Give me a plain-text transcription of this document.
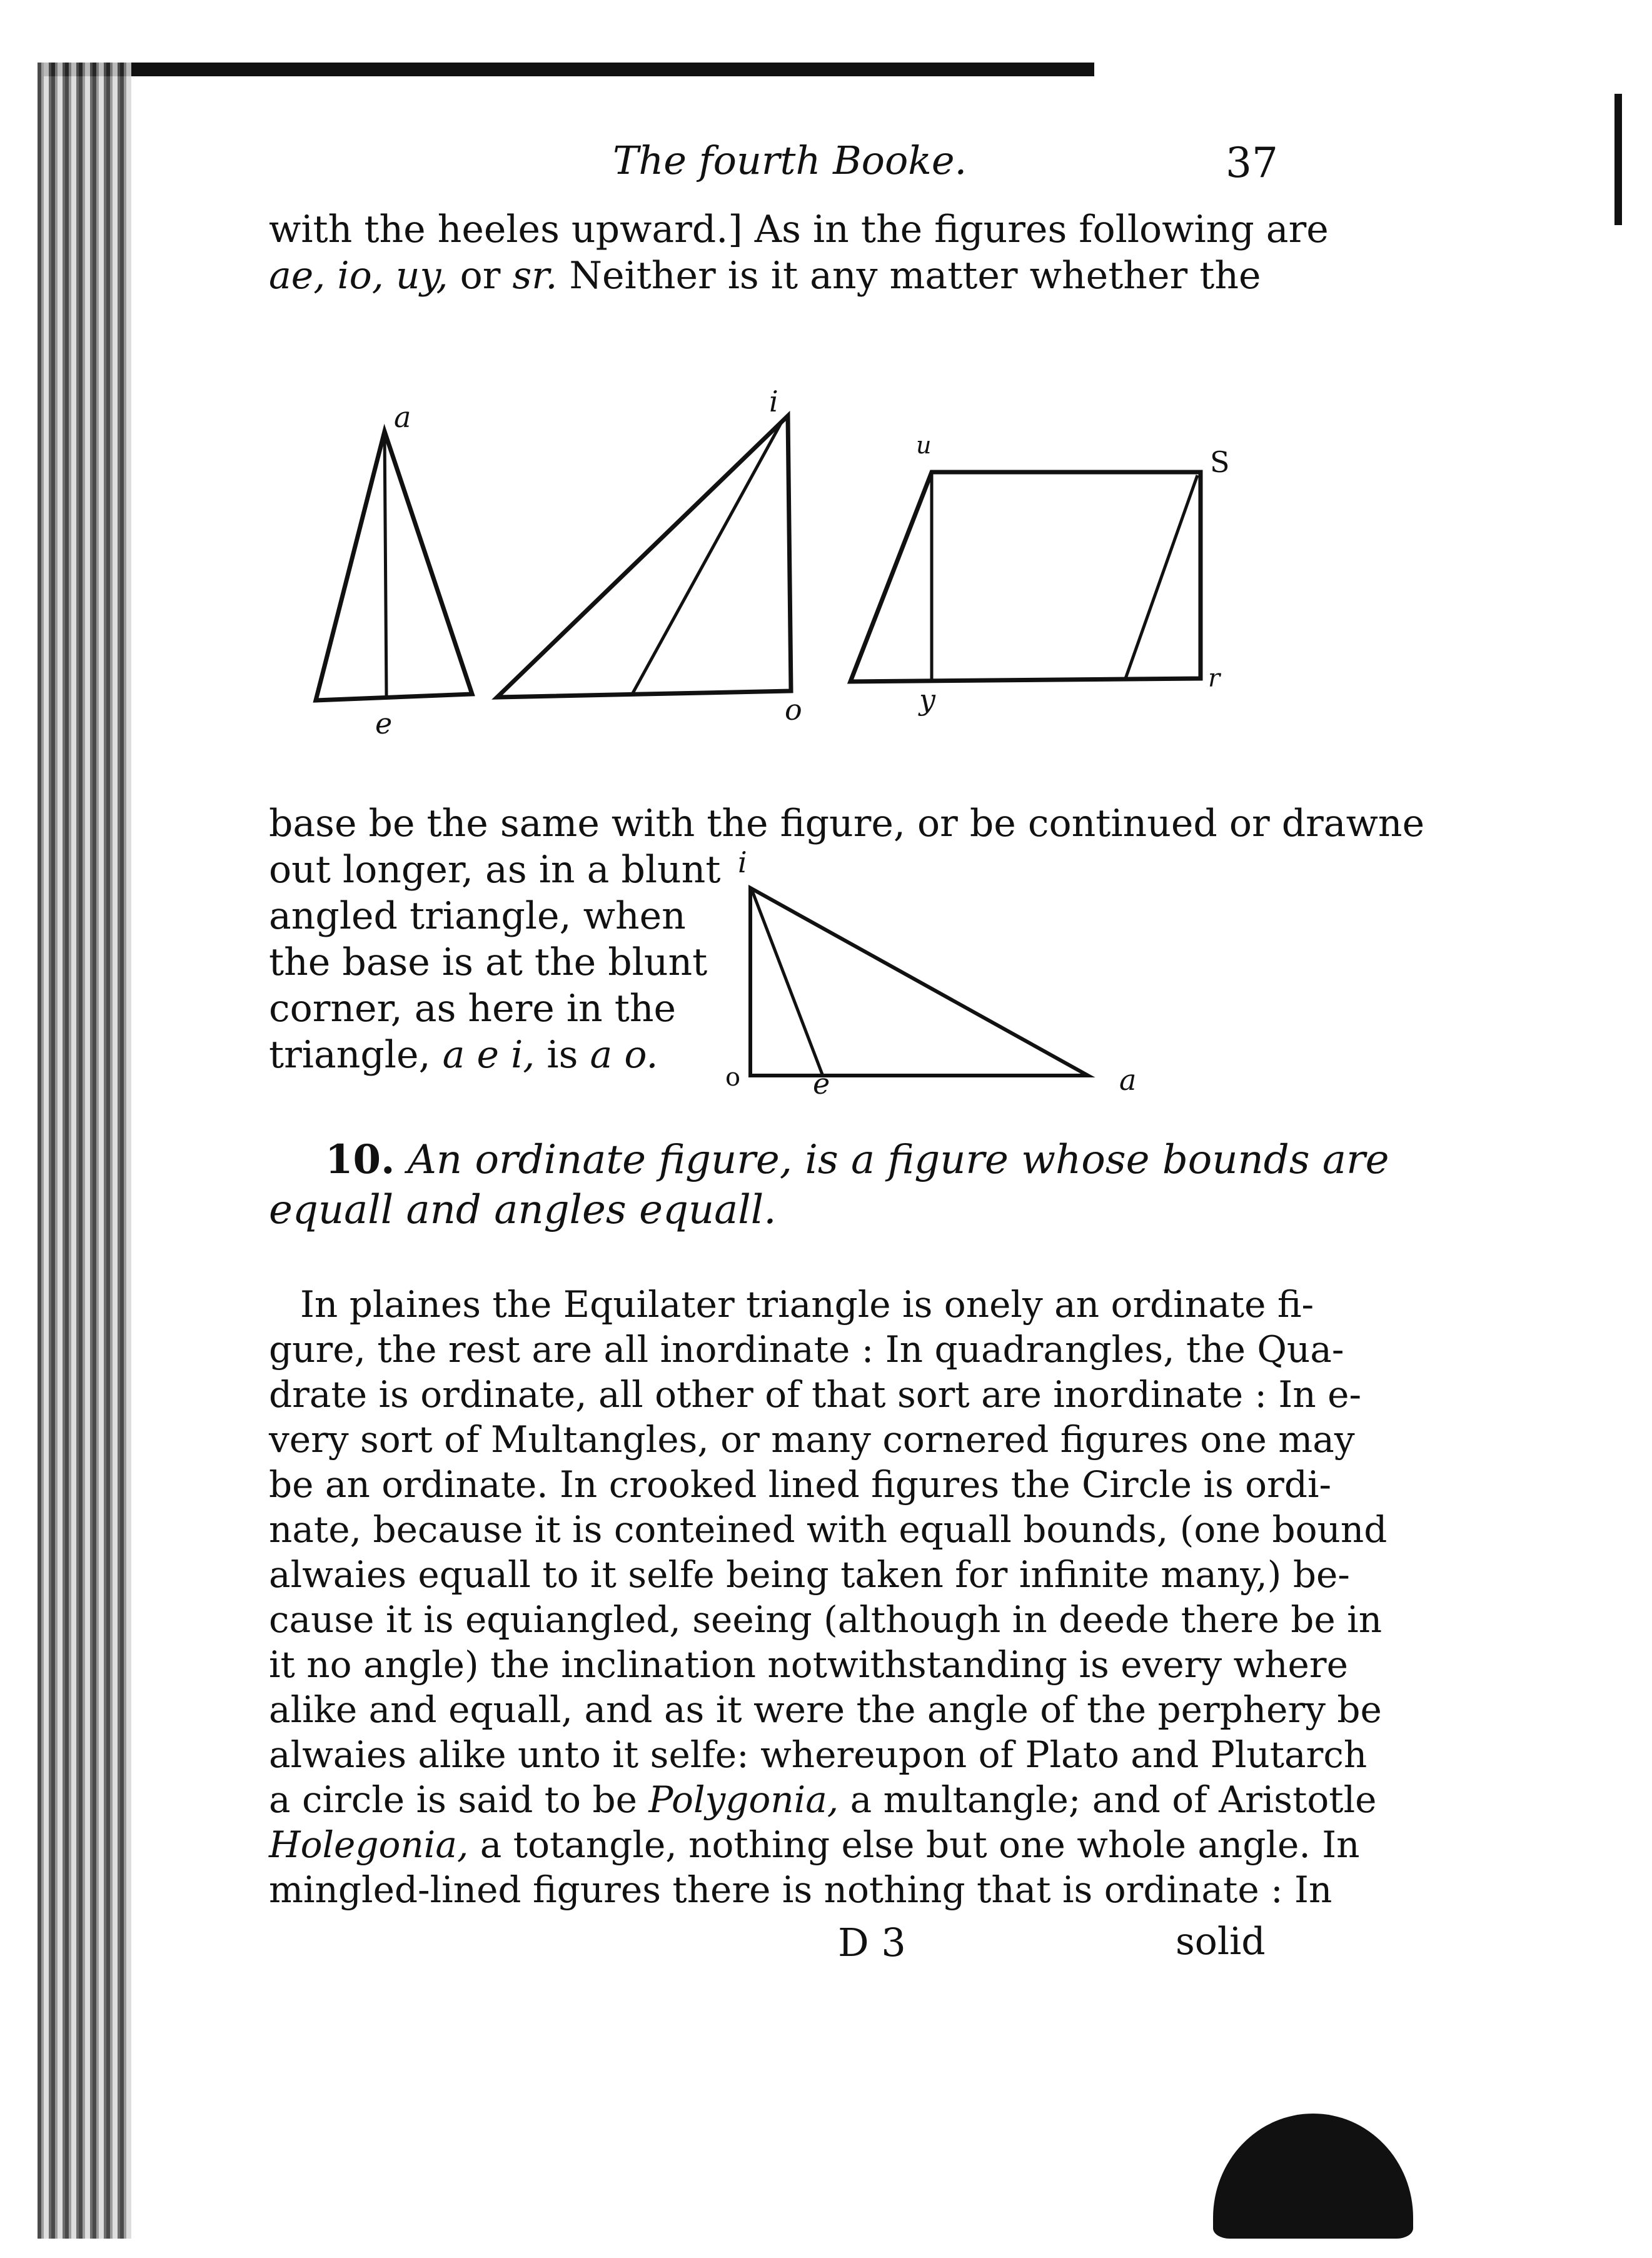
The fourth Booke.	37
with the heeles upward.] As in the figures following are
ae, io, uy, or sr. Neither is it any matter whether the
a
e
i
o
u	S
y
r
base be the same with the figure, or be continued or drawne
out longer, as in a blunt
angled triangle, when
the base is at the blunt
corner, as here in the
triangle, a e i, is a o.
i
o	e	a
10. An ordinate figure, is a figure whose bounds are
equall and angles equall.
In plaines the Equilater triangle is onely an ordinate fi-
gure, the rest are all inordinate : In quadrangles, the Qua-
drate is ordinate, all other of that sort are inordinate : In e-
very sort of Multangles, or many cornered figures one may
be an ordinate. In crooked lined figures the Circle is ordi-
nate, because it is conteined with equall bounds, (one bound
alwaies equall to it selfe being taken for infinite many,) be-
cause it is equiangled, seeing (although in deede there be in
it no angle) the inclination notwithstanding is every where
alike and equall, and as it were the angle of the perphery be
alwaies alike unto it selfe: whereupon of Plato and Plutarch
a circle is said to be Polygonia, a multangle; and of Aristotle
Holegonia, a totangle, nothing else but one whole angle. In
mingled-lined figures there is nothing that is ordinate : In
D 3	solid
